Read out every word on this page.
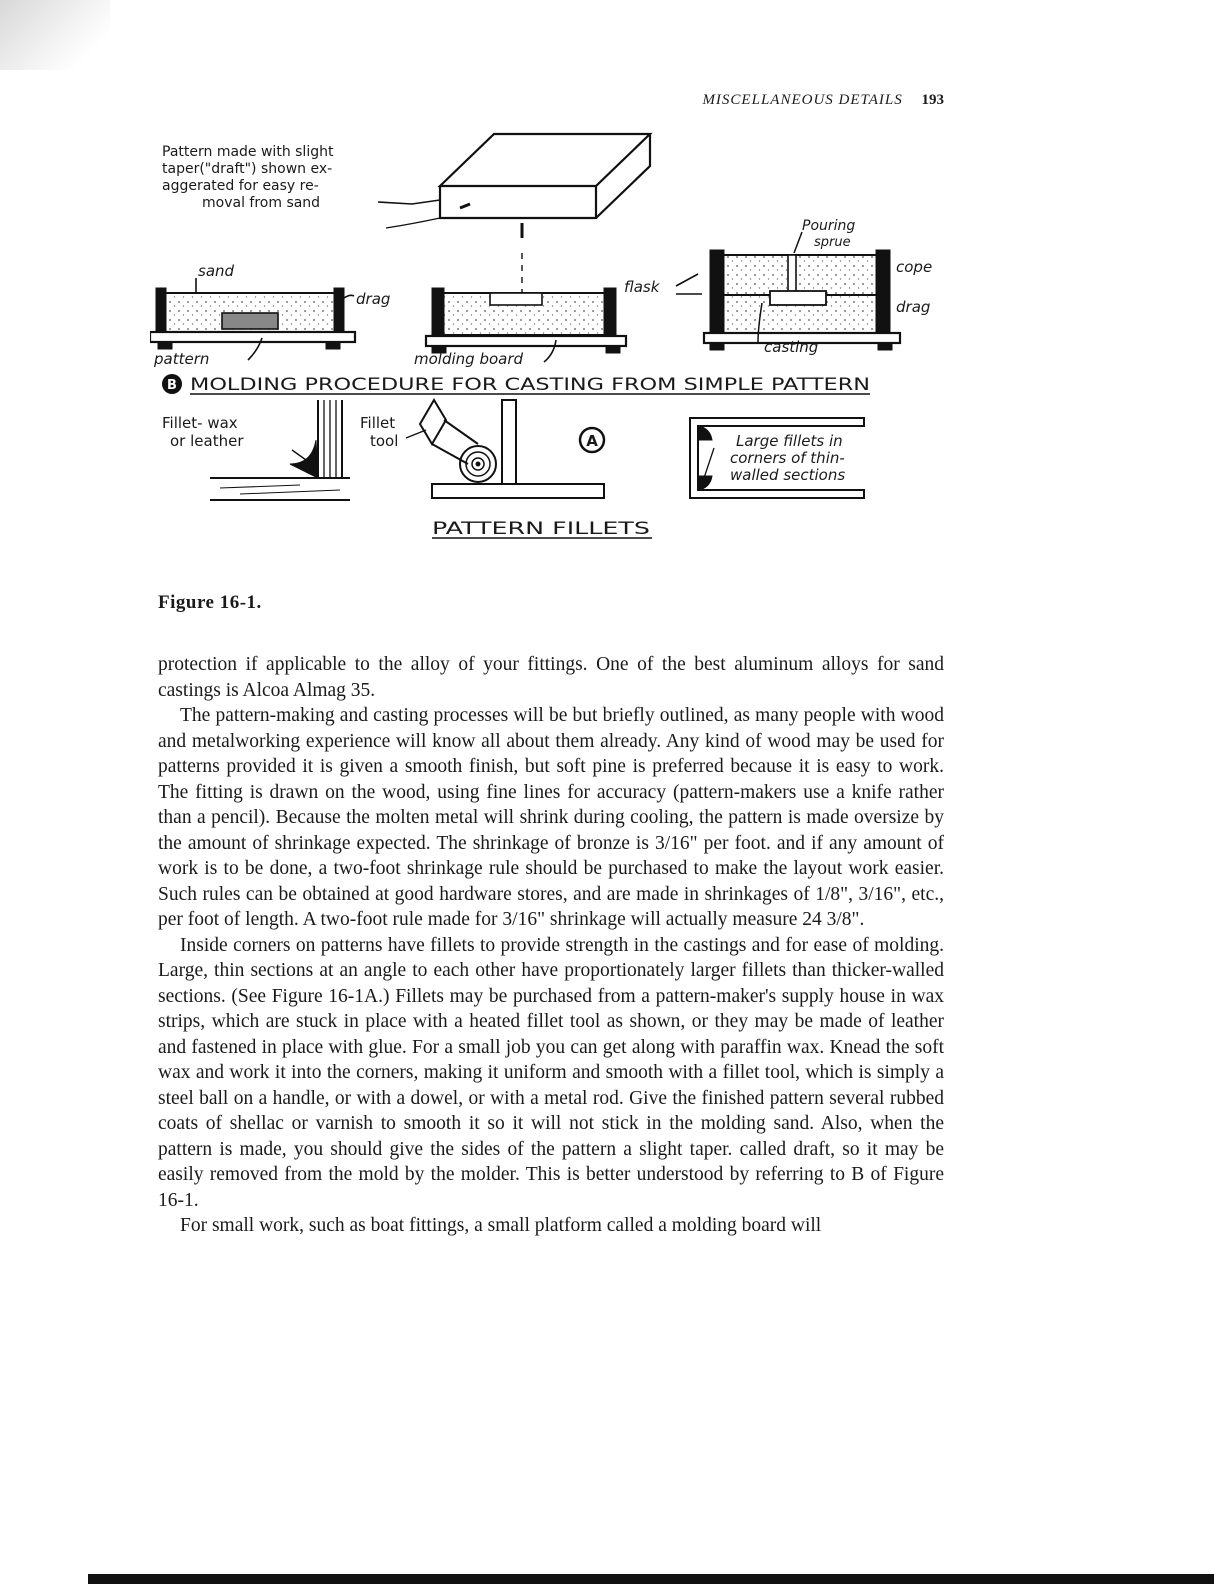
MISCELLANEOUS DETAILS 193
Pattern made with slight
taper("draft") shown ex-
aggerated for easy re-
moval from sand
sand
drag
pattern	molding board
flask
Pouring
sprue
cope
drag
casting
B MOLDING PROCEDURE FOR CASTING FROM SIMPLE PATTERN
Fillet- wax
or leather
Fillet
tool	A	Large fillets in
corners of thin-
walled sections
PATTERN FILLETS
Figure 16-1.

protection if applicable to the alloy of your fittings. One of the best aluminum alloys for sand castings is Alcoa Almag 35.

The pattern-making and casting processes will be but briefly outlined, as many people with wood and metalworking experience will know all about them already. Any kind of wood may be used for patterns provided it is given a smooth finish, but soft pine is preferred because it is easy to work. The fitting is drawn on the wood, using fine lines for accuracy (pattern-makers use a knife rather than a pencil). Because the molten metal will shrink during cooling, the pattern is made oversize by the amount of shrinkage expected. The shrinkage of bronze is 3/16" per foot. and if any amount of work is to be done, a two-foot shrinkage rule should be purchased to make the layout work easier. Such rules can be obtained at good hardware stores, and are made in shrinkages of 1/8", 3/16", etc., per foot of length. A two-foot rule made for 3/16" shrinkage will actually measure 24 3/8".

Inside corners on patterns have fillets to provide strength in the castings and for ease of molding. Large, thin sections at an angle to each other have proportionately larger fillets than thicker-walled sections. (See Figure 16-1A.) Fillets may be purchased from a pattern-maker's supply house in wax strips, which are stuck in place with a heated fillet tool as shown, or they may be made of leather and fastened in place with glue. For a small job you can get along with paraffin wax. Knead the soft wax and work it into the corners, making it uniform and smooth with a fillet tool, which is simply a steel ball on a handle, or with a dowel, or with a metal rod. Give the finished pattern several rubbed coats of shellac or varnish to smooth it so it will not stick in the molding sand. Also, when the pattern is made, you should give the sides of the pattern a slight taper. called draft, so it may be easily removed from the mold by the molder. This is better understood by referring to B of Figure 16-1.

For small work, such as boat fittings, a small platform called a molding board will
